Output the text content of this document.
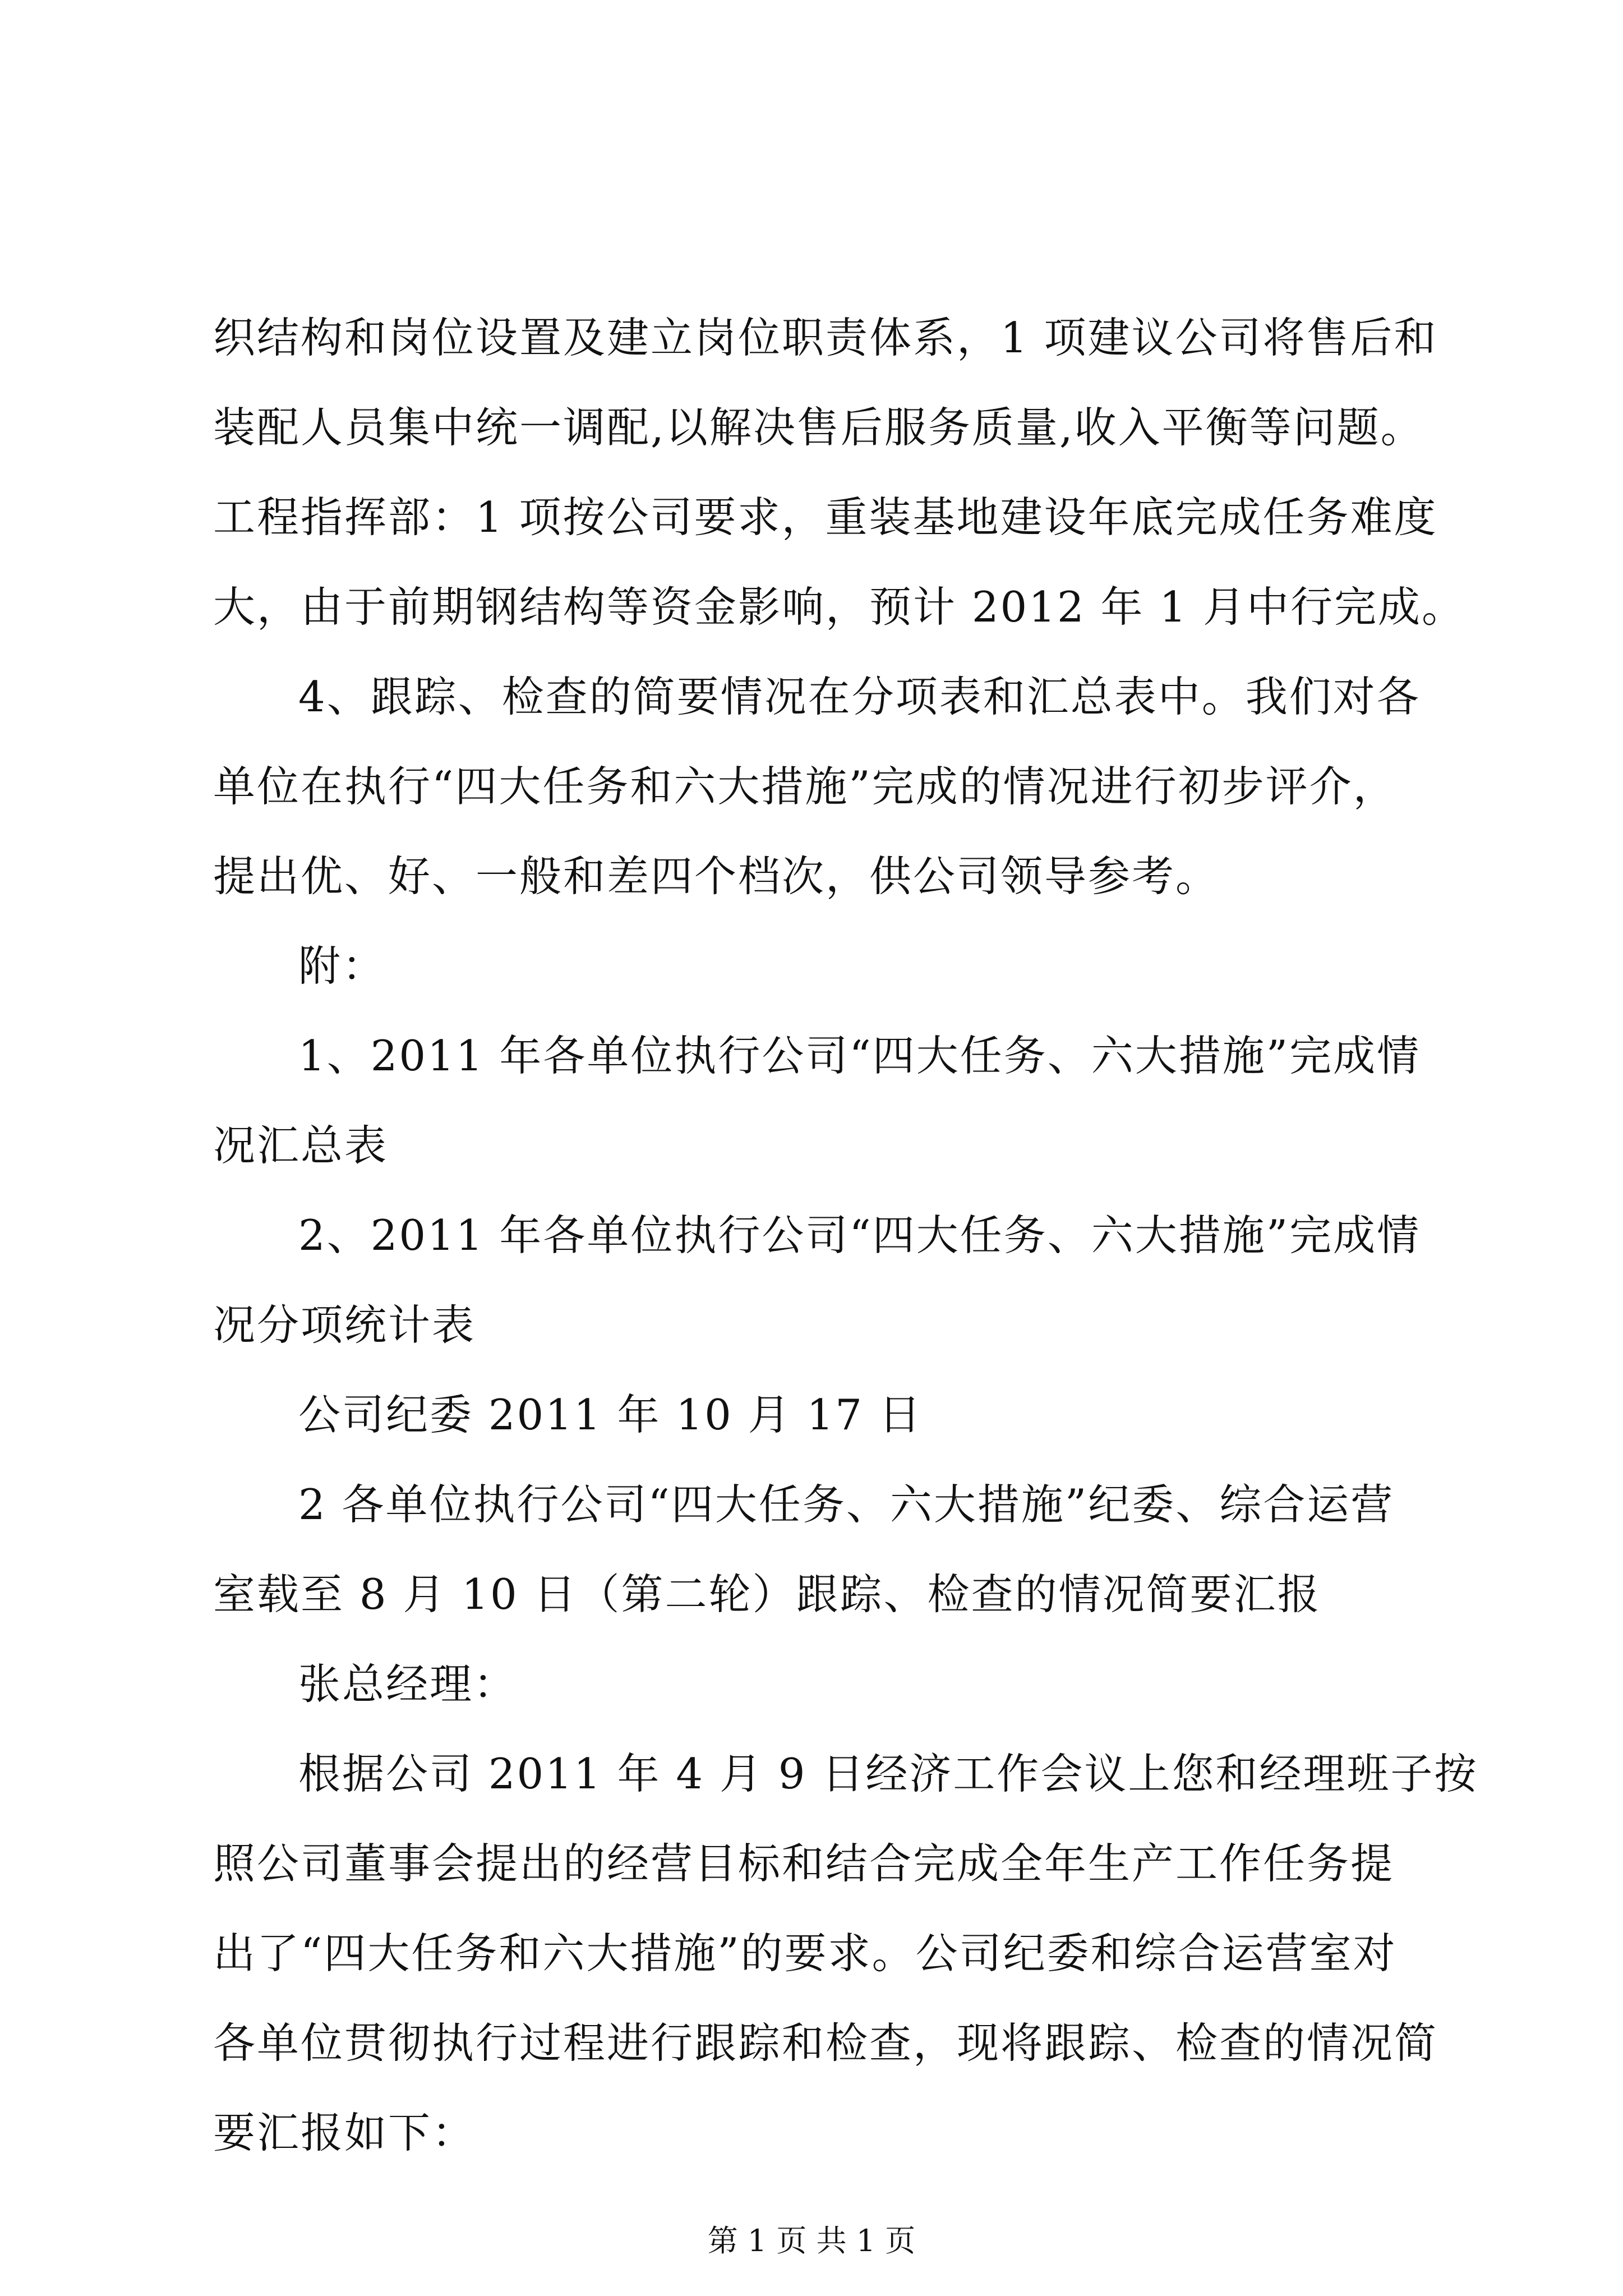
织结构和岗位设置及建立岗位职责体系，1 项建议公司将售后和
装配人员集中统一调配,以解决售后服务质量,收入平衡等问题。
工程指挥部：1 项按公司要求，重装基地建设年底完成任务难度
大，由于前期钢结构等资金影响，预计 2012 年 1 月中行完成。
4、跟踪、检查的简要情况在分项表和汇总表中。我们对各
单位在执行“四大任务和六大措施”完成的情况进行初步评介，
提出优、好、一般和差四个档次，供公司领导参考。
附：
1、2011 年各单位执行公司“四大任务、六大措施”完成情
况汇总表
2、2011 年各单位执行公司“四大任务、六大措施”完成情
况分项统计表
公司纪委 2011 年 10 月 17 日
2 各单位执行公司“四大任务、六大措施”纪委、综合运营
室载至 8 月 10 日（第二轮）跟踪、检查的情况简要汇报
张总经理：
根据公司 2011 年 4 月 9 日经济工作会议上您和经理班子按
照公司董事会提出的经营目标和结合完成全年生产工作任务提
出了“四大任务和六大措施”的要求。公司纪委和综合运营室对
各单位贯彻执行过程进行跟踪和检查，现将跟踪、检查的情况简
要汇报如下：
第 1 页 共 1 页
